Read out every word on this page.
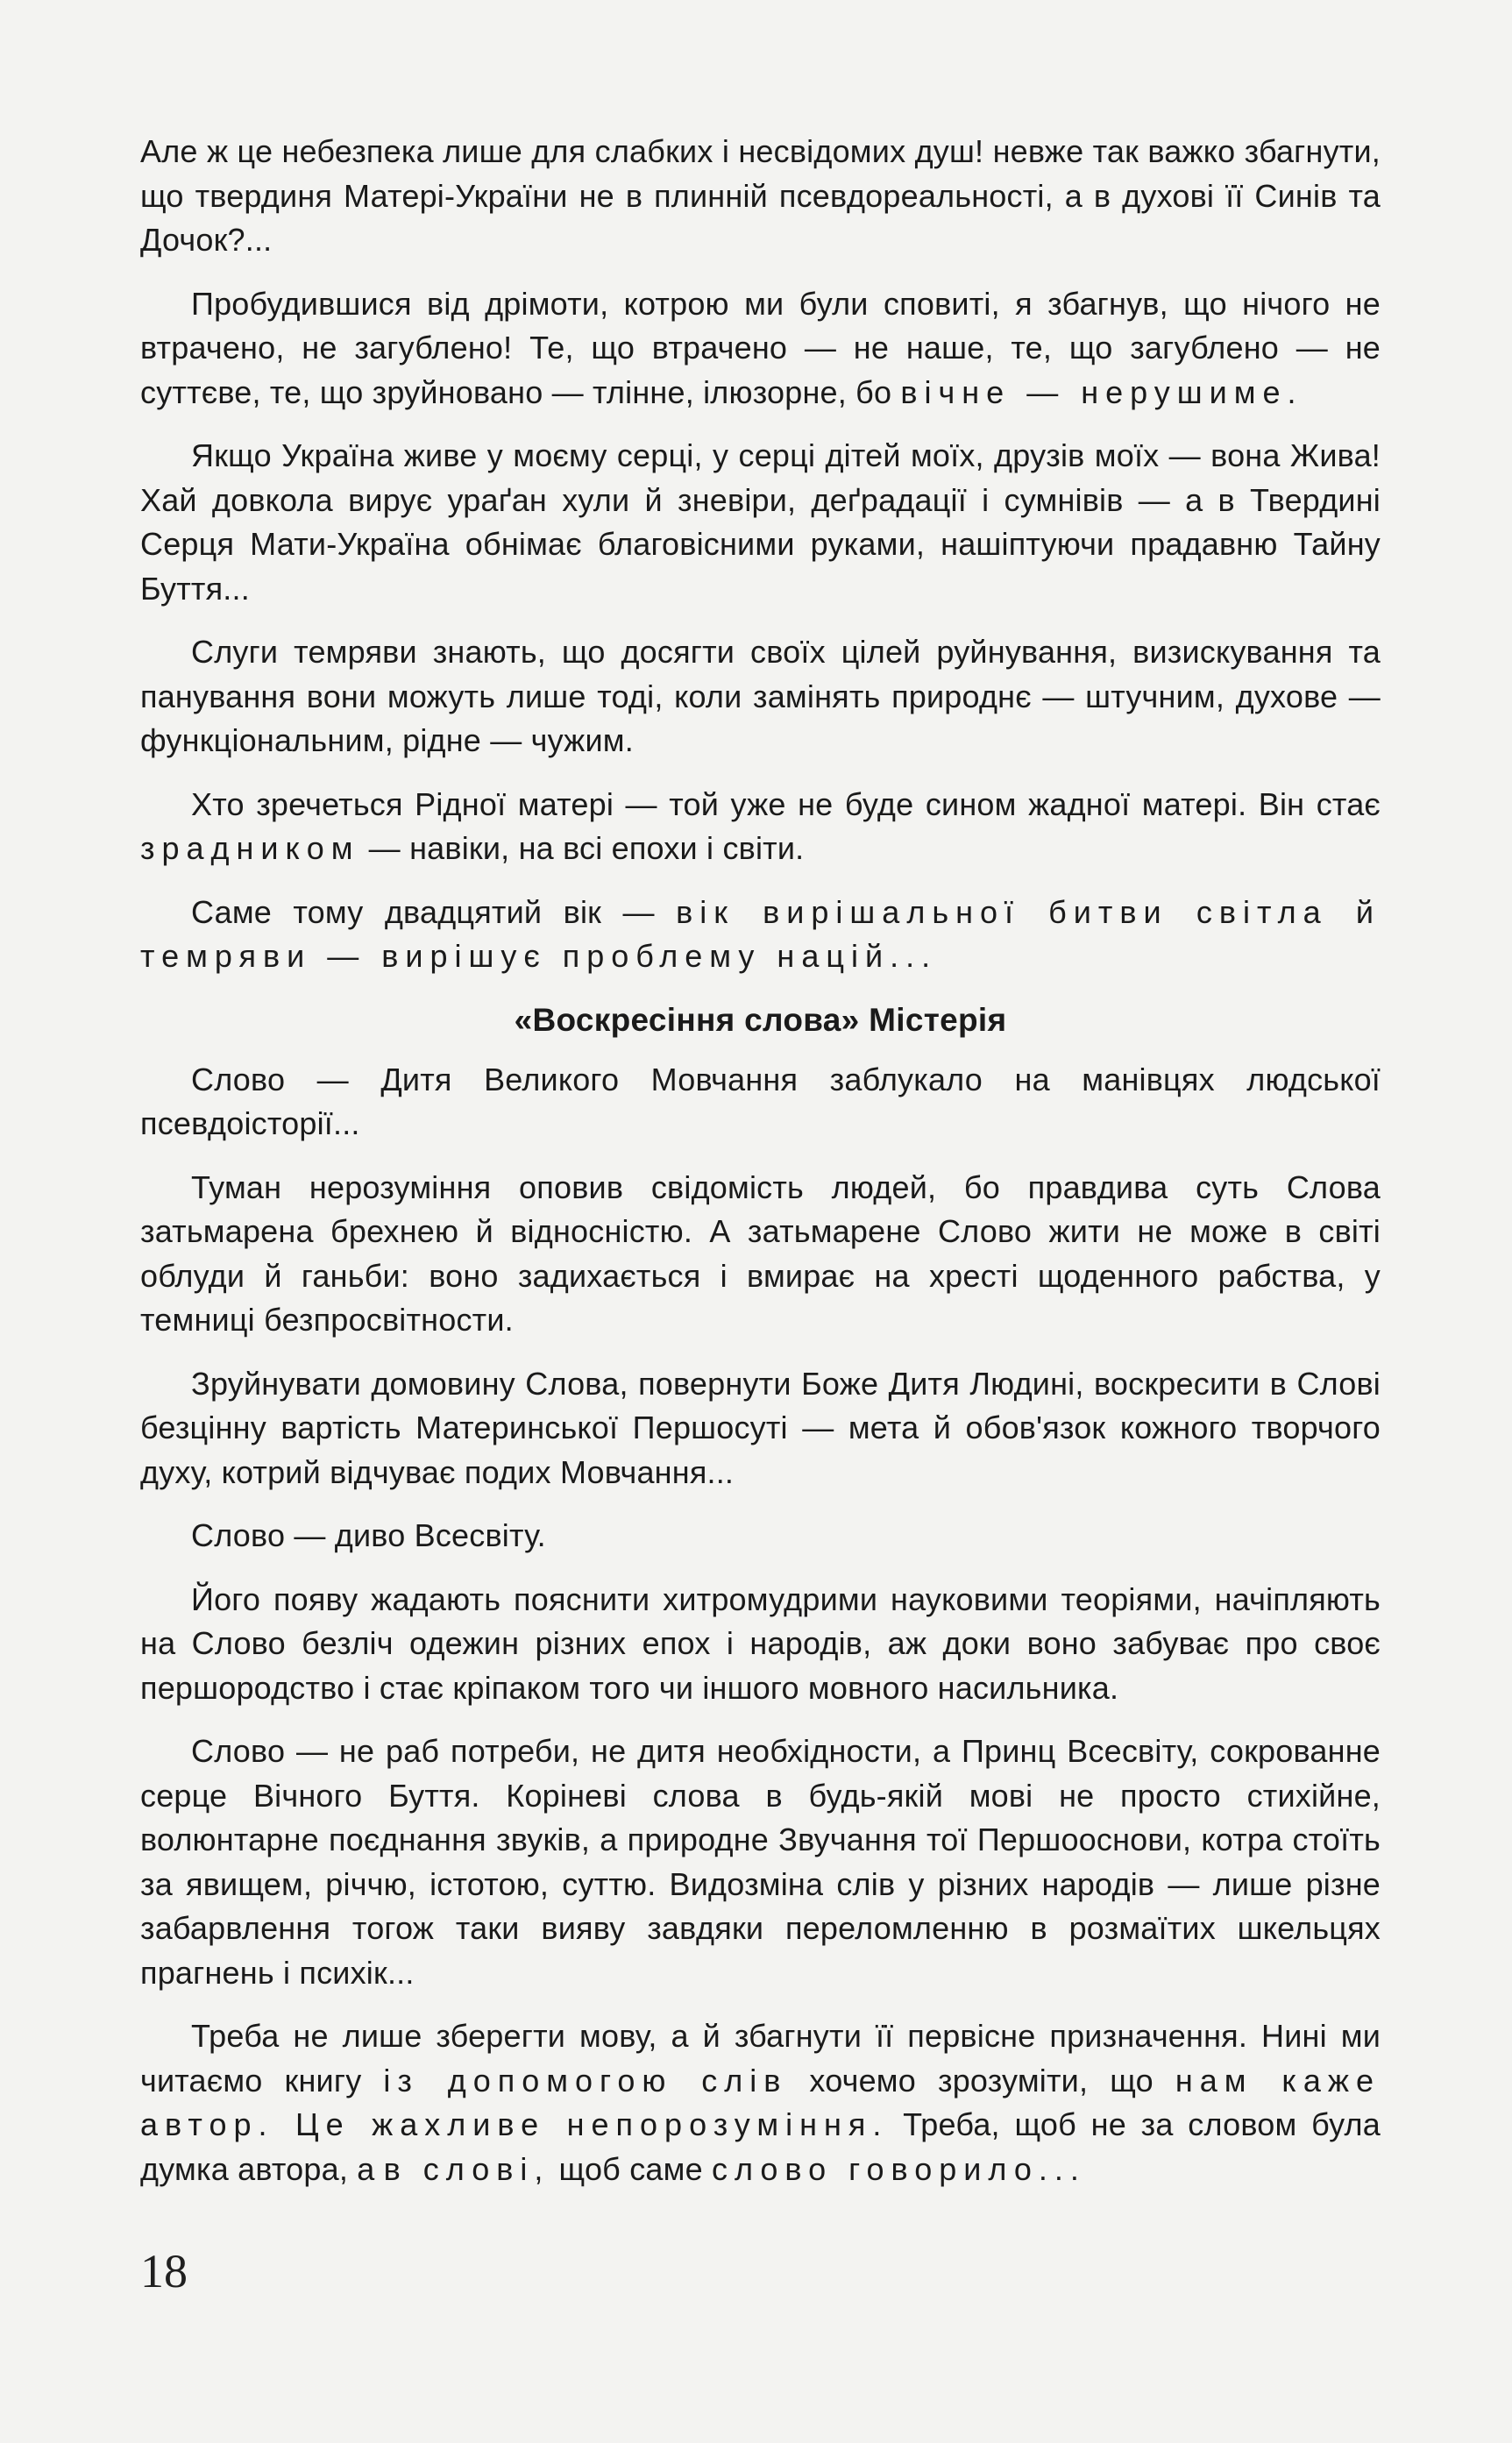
Але ж це небезпека лише для слабких і несвідомих душ! невже так важко збагнути, що твердиня Матері-України не в плинній псевдореальності, а в духові її Синів та Дочок?...

Пробудившися від дрімоти, котрою ми були сповиті, я збагнув, що нічого не втрачено, не загублено! Те, що втрачено — не наше, те, що загублено — не суттєве, те, що зруйновано — тлінне, ілюзорне, бо вічне — нерушиме.

Якщо Україна живе у моєму серці, у серці дітей моїх, друзів моїх — вона Жива! Хай довкола вирує ураґан хули й зневіри, деґрадації і сумнівів — а в Твердині Серця Мати-Україна обнімає благовісними руками, нашіптуючи прадавню Тайну Буття...

Слуги темряви знають, що досягти своїх цілей руйнування, визискування та панування вони можуть лише тоді, коли замінять природнє — штучним, духове — функціональним, рідне — чужим.

Хто зречеться Рідної матері — той уже не буде сином жадної матері. Він стає зрадником — навіки, на всі епохи і світи.

Саме тому двадцятий вік — вік вирішальної битви світла й темряви — вирішує проблему націй...

«Воскресіння слова» Містерія

Слово — Дитя Великого Мовчання заблукало на манівцях людської псевдоісторії...

Туман нерозуміння оповив свідомість людей, бо правдива суть Слова затьмарена брехнею й відносністю. А затьмарене Слово жити не може в світі облуди й ганьби: воно задихається і вмирає на хресті щоденного рабства, у темниці безпросвітности.

Зруйнувати домовину Слова, повернути Боже Дитя Людині, воскресити в Слові безцінну вартість Материнської Першосуті — мета й обов'язок кожного творчого духу, котрий відчуває подих Мовчання...

Слово — диво Всесвіту.

Його появу жадають пояснити хитромудрими науковими теоріями, начіпляють на Слово безліч одежин різних епох і народів, аж доки воно забуває про своє першородство і стає кріпаком того чи іншого мовного насильника.

Слово — не раб потреби, не дитя необхідности, а Принц Всесвіту, сокрованне серце Вічного Буття. Коріневі слова в будь-якій мові не просто стихійне, волюнтарне поєднання звуків, а природне Звучання тої Першооснови, котра стоїть за явищем, річчю, істотою, суттю. Видозміна слів у різних народів — лише різне забарвлення тогож таки вияву завдяки переломленню в розмаїтих шкельцях прагнень і психік...

Треба не лише зберегти мову, а й збагнути її первісне призначення. Нині ми читаємо книгу із допомогою слів хочемо зрозуміти, що нам каже автор. Це жахливе непорозуміння. Треба, щоб не за словом була думка автора, а в слові, щоб саме слово говорило...

18
